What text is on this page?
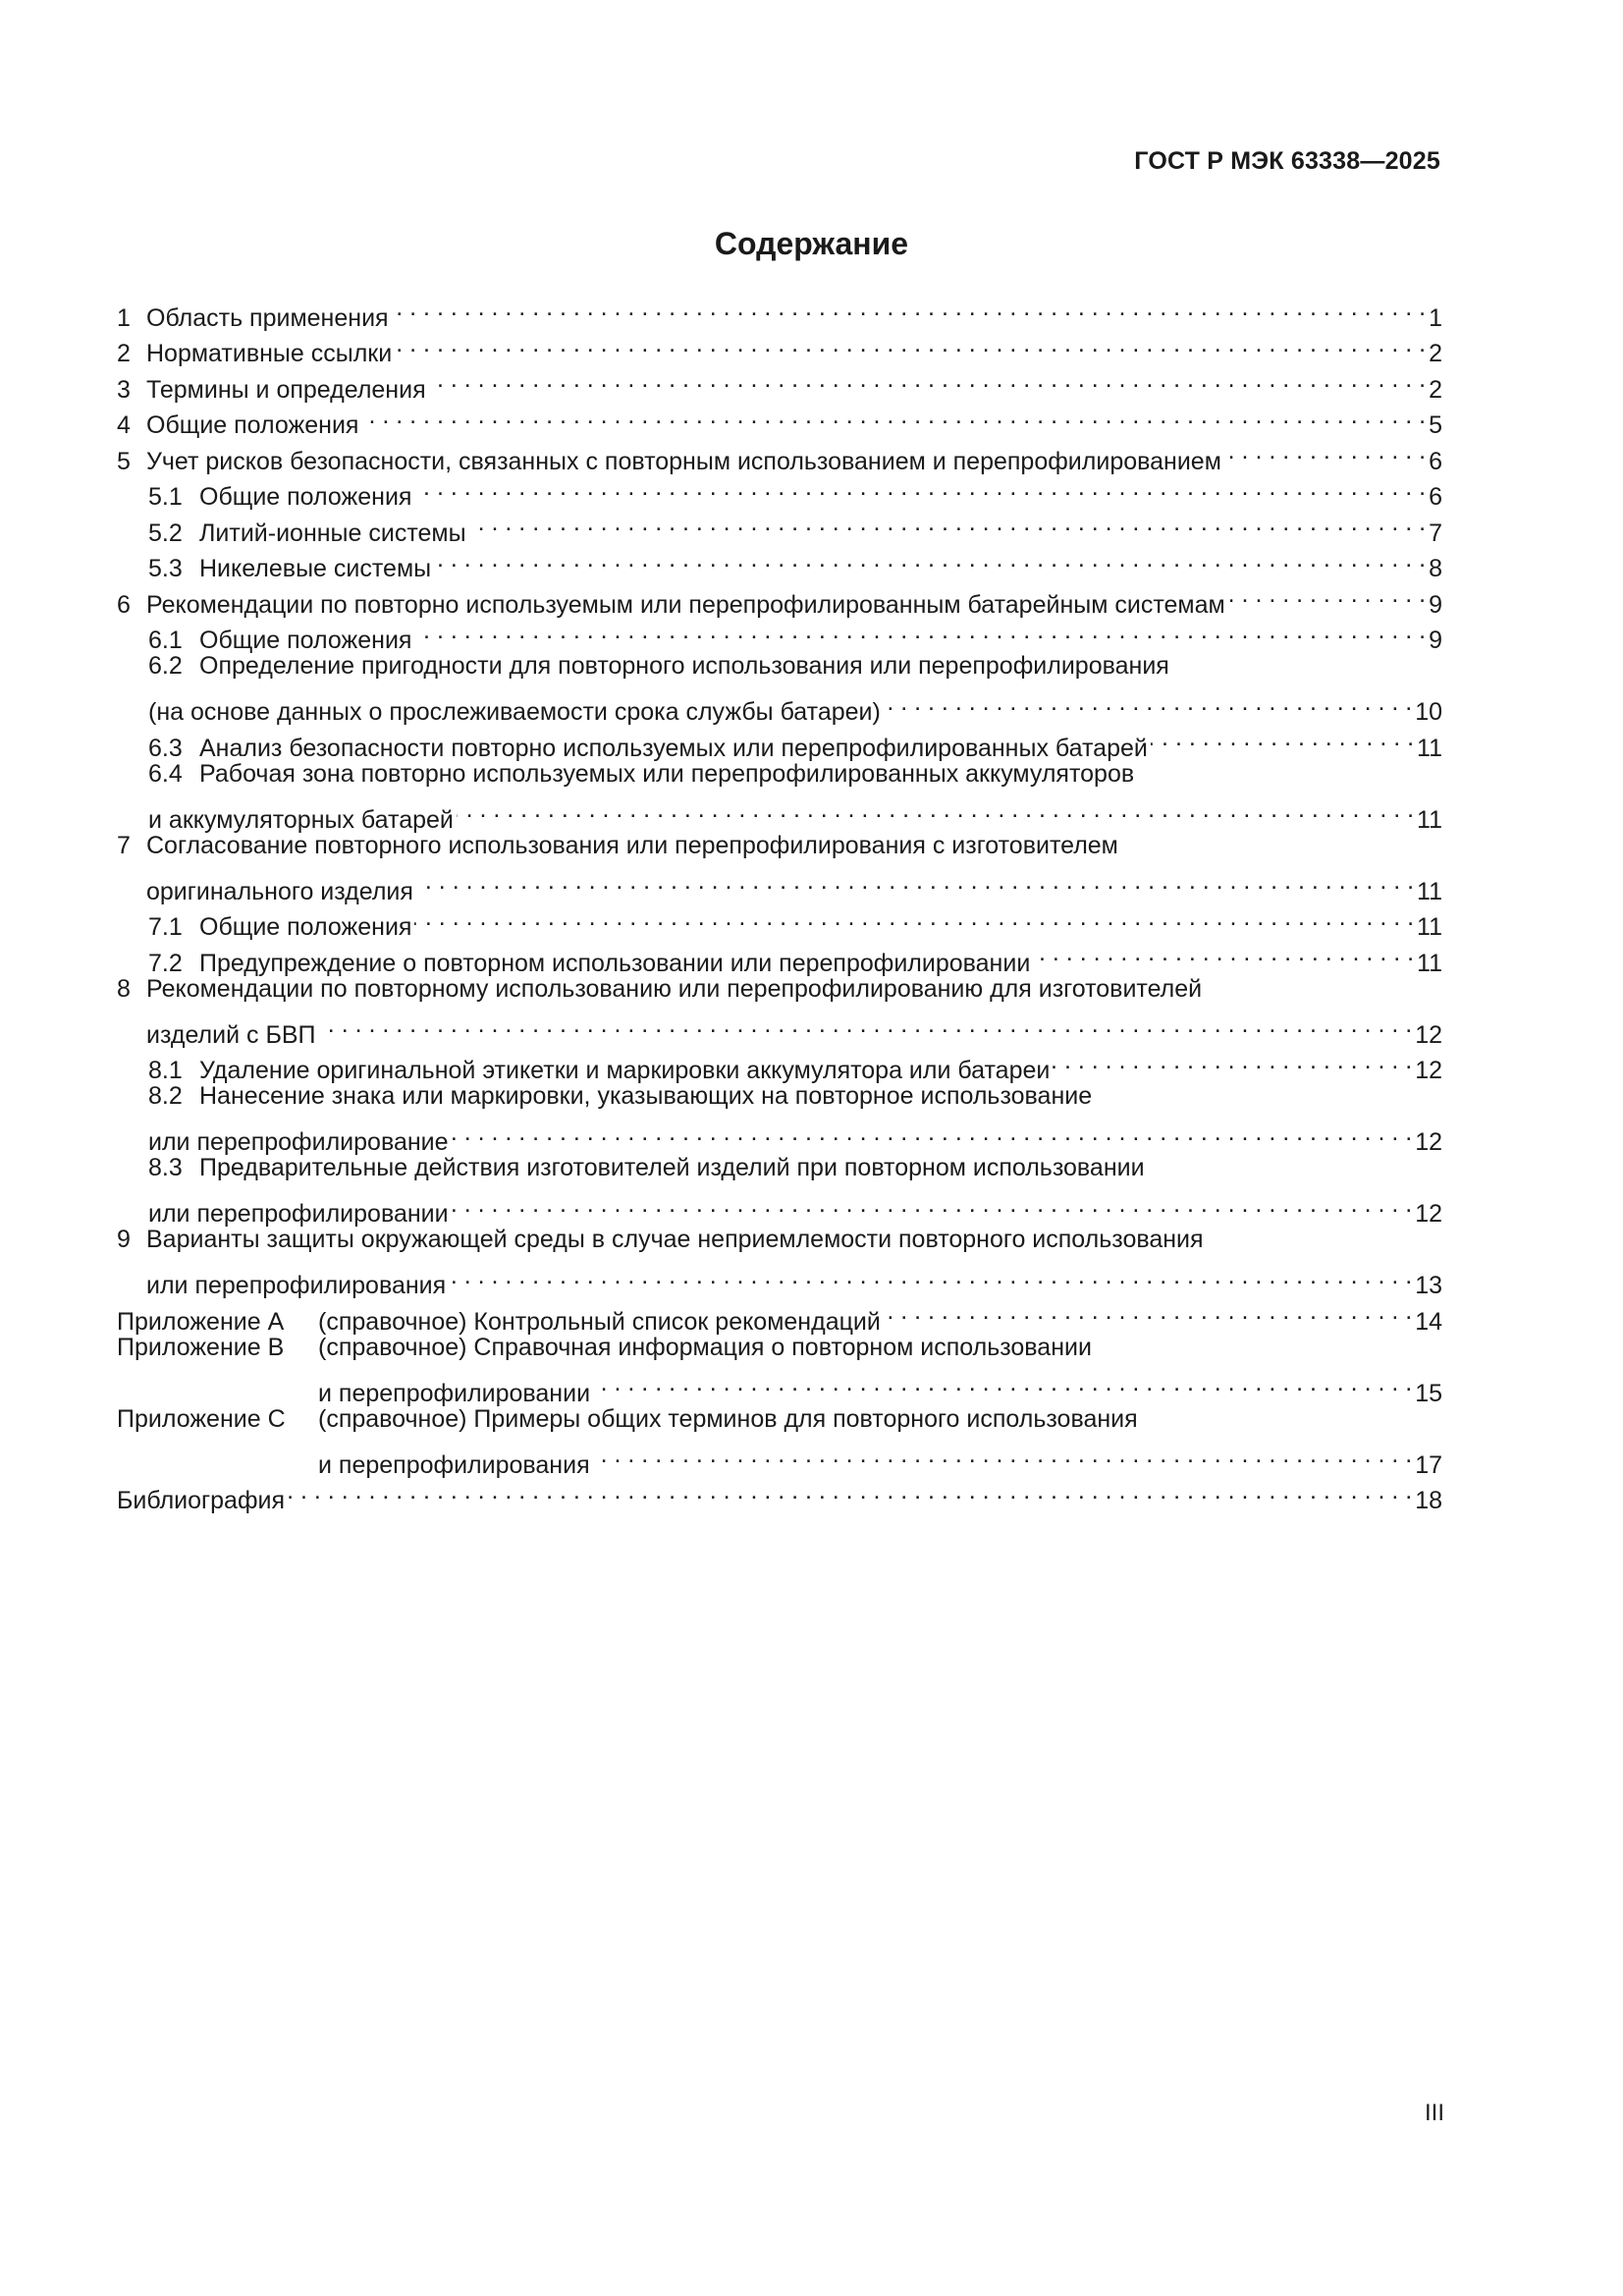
ГОСТ Р МЭК 63338—2025
Содержание
1 Область применения . . .	1
2 Нормативные ссылки . . .	2
3 Термины и определения . . .	2
4 Общие положения . . .	5
5 Учет рисков безопасности, связанных с повторным использованием и перепрофилированием . . .	6
5.1 Общие положения . . .	6
5.2 Литий-ионные системы . . .	7
5.3 Никелевые системы . . .	8
6 Рекомендации по повторно используемым или перепрофилированным батарейным системам . . .	9
6.1 Общие положения . . .	9
6.2 Определение пригодности для повторного использования или перепрофилирования
(на основе данных о прослеживаемости срока службы батареи) . . .	10
6.3 Анализ безопасности повторно используемых или перепрофилированных батарей . . .	11
6.4 Рабочая зона повторно используемых или перепрофилированных аккумуляторов
и аккумуляторных батарей . . .	11
7 Согласование повторного использования или перепрофилирования с изготовителем
оригинального изделия . . .	11
7.1 Общие положения . . .	11
7.2 Предупреждение о повторном использовании или перепрофилировании . . .	11
8 Рекомендации по повторному использованию или перепрофилированию для изготовителей
изделий с БВП . . .	12
8.1 Удаление оригинальной этикетки и маркировки аккумулятора или батареи . . .	12
8.2 Нанесение знака или маркировки, указывающих на повторное использование
или перепрофилирование . . .	12
8.3 Предварительные действия изготовителей изделий при повторном использовании
или перепрофилировании . . .	12
9 Варианты защиты окружающей среды в случае неприемлемости повторного использования
или перепрофилирования . . .	13
Приложение А	(справочное) Контрольный список рекомендаций . . .	14
Приложение В	(справочное) Справочная информация о повторном использовании
и перепрофилировании . . .	15
Приложение С	(справочное) Примеры общих терминов для повторного использования
и перепрофилирования . . .	17
Библиография . . .	18
III
